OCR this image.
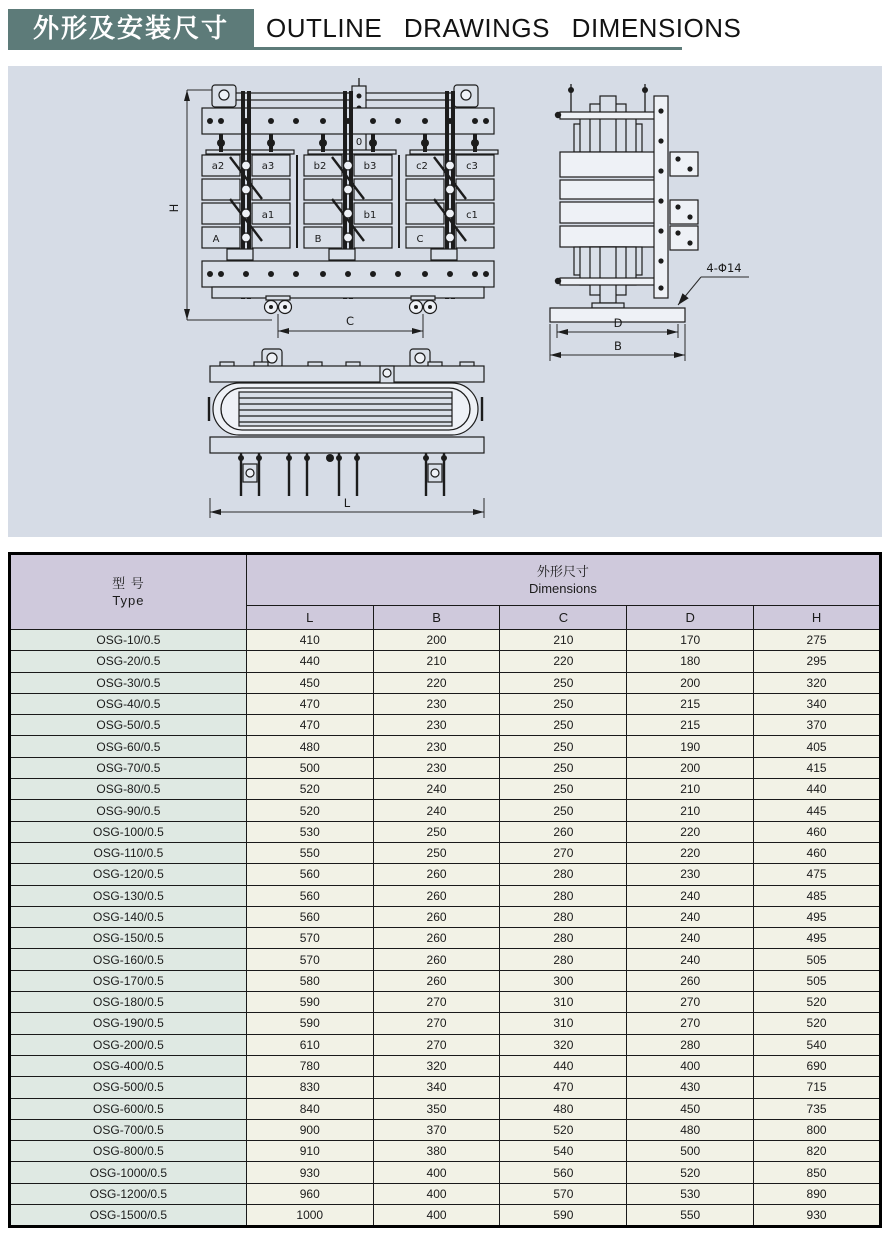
外形及安装尺寸	OUTLINE DRAWINGS DIMENSIONS
H
0
a2	a3	b2	b3	c2	c3
a1	b1	c1
A	B	C
C
4-Φ14
D
B
L
型 号
Type

外形尺寸
Dimensions

	L	B	C	D	H
OSG-10/0.5	410	200	210	170	275
OSG-20/0.5	440	210	220	180	295
OSG-30/0.5	450	220	250	200	320
OSG-40/0.5	470	230	250	215	340
OSG-50/0.5	470	230	250	215	370
OSG-60/0.5	480	230	250	190	405
OSG-70/0.5	500	230	250	200	415
OSG-80/0.5	520	240	250	210	440
OSG-90/0.5	520	240	250	210	445
OSG-100/0.5	530	250	260	220	460
OSG-110/0.5	550	250	270	220	460
OSG-120/0.5	560	260	280	230	475
OSG-130/0.5	560	260	280	240	485
OSG-140/0.5	560	260	280	240	495
OSG-150/0.5	570	260	280	240	495
OSG-160/0.5	570	260	280	240	505
OSG-170/0.5	580	260	300	260	505
OSG-180/0.5	590	270	310	270	520
OSG-190/0.5	590	270	310	270	520
OSG-200/0.5	610	270	320	280	540
OSG-400/0.5	780	320	440	400	690
OSG-500/0.5	830	340	470	430	715
OSG-600/0.5	840	350	480	450	735
OSG-700/0.5	900	370	520	480	800
OSG-800/0.5	910	380	540	500	820
OSG-1000/0.5	930	400	560	520	850
OSG-1200/0.5	960	400	570	530	890
OSG-1500/0.5	1000	400	590	550	930
